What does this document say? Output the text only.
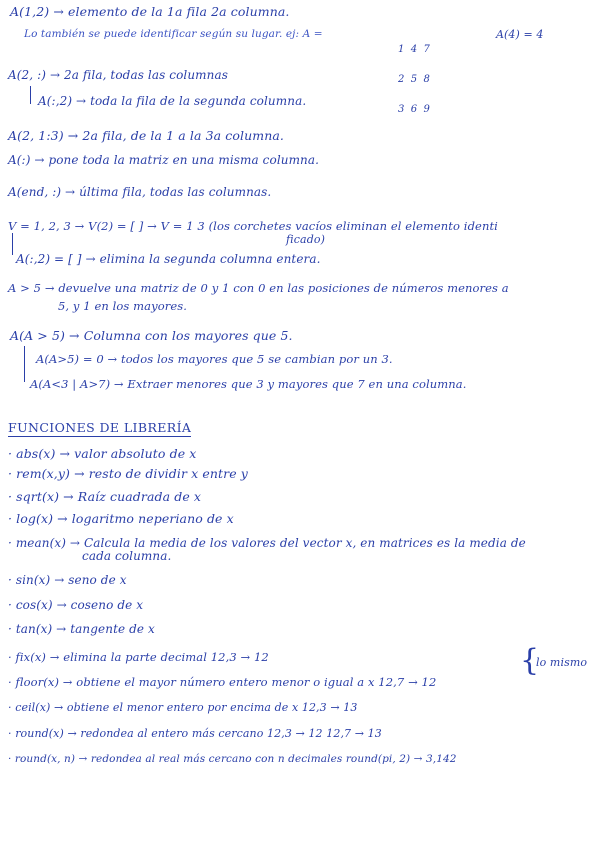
A(1,2) → elemento de la 1a fila 2a columna.
Lo también se puede identificar según su lugar. ej: A =

1  4  7

2  5  8

3  6  9

A(4) = 4
A(2, :) → 2a fila, todas las columnas
A(:,2) → toda la fila de la segunda columna.
A(2, 1:3) → 2a fila, de la 1 a la 3a columna.
A(:) → pone toda la matriz en una misma columna.
A(end, :) → última fila, todas las columnas.
V = 1, 2, 3 → V(2) = [ ] → V = 1 3 (los corchetes vacíos eliminan el elemento identi
ficado)
A(:,2) = [ ] → elimina la segunda columna entera.
A > 5 → devuelve una matriz de 0 y 1 con 0 en las posiciones de números menores a
5, y 1 en los mayores.
A(A > 5) → Columna con los mayores que 5.
A(A>5) = 0 → todos los mayores que 5 se cambian por un 3.
A(A<3 | A>7) → Extraer menores que 3 y mayores que 7 en una columna.
FUNCIONES DE LIBRERÍA
· abs(x) → valor absoluto de x
· rem(x,y) → resto de dividir x entre y
· sqrt(x) → Raíz cuadrada de x
· log(x) → logaritmo neperiano de x
· mean(x) → Calcula la media de los valores del vector x, en matrices es la media de
cada columna.
· sin(x) → seno de x
· cos(x) → coseno de x
· tan(x) → tangente de x
· fix(x) → elimina la parte decimal 12,3 → 12	{
lo mismo
· floor(x) → obtiene el mayor número entero menor o igual a x 12,7 → 12
· ceil(x) → obtiene el menor entero por encima de x 12,3 → 13
· round(x) → redondea al entero más cercano 12,3 → 12 12,7 → 13
· round(x, n) → redondea al real más cercano con n decimales round(pi, 2) → 3,142
